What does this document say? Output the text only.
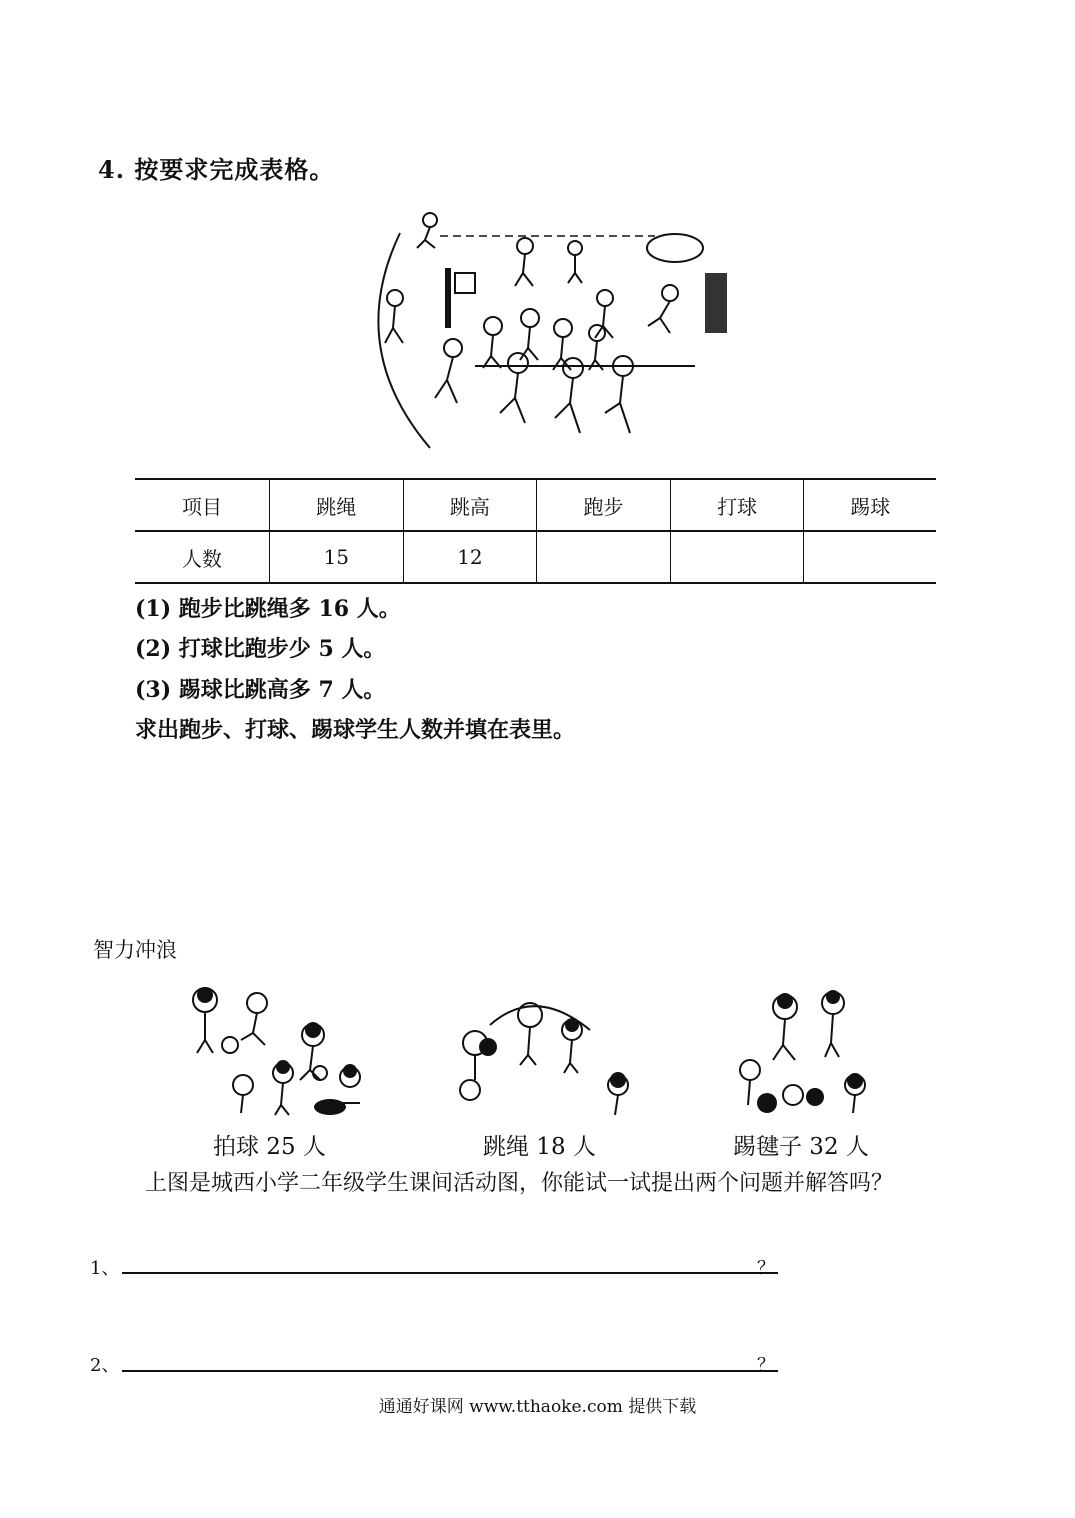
4. 按要求完成表格。
项目	跳绳	跳高	跑步	打球	踢球
人数	15	12			
(1) 跑步比跳绳多 16 人。
(2) 打球比跑步少 5 人。
(3) 踢球比跳高多 7 人。
求出跑步、打球、踢球学生人数并填在表里。
智力冲浪
拍球 25 人	跳绳 18 人	踢毽子 32 人
上图是城西小学二年级学生课间活动图，你能试一试提出两个问题并解答吗？
1、	？
2、	？
通通好课网 www.tthaoke.com 提供下载
